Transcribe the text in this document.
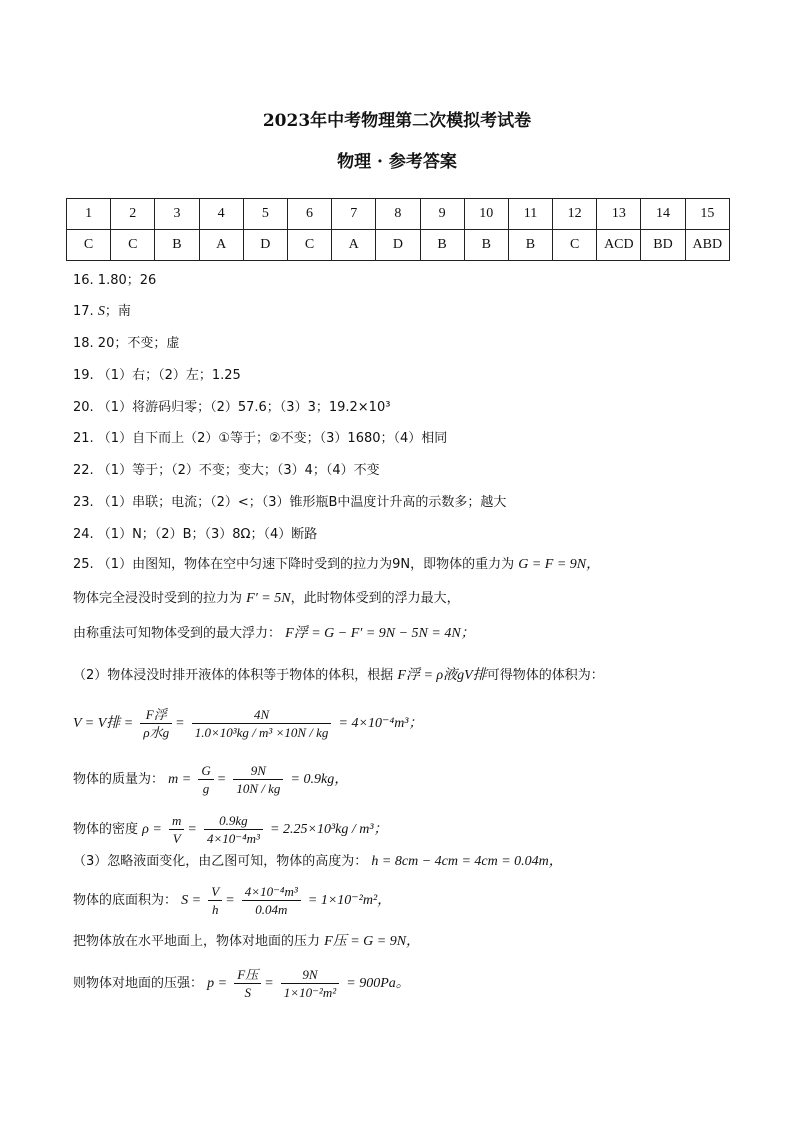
2023年中考物理第二次模拟考试卷
物理 · 参考答案
1	2	3	4	5	6	7	8	9	10	11	12	13	14	15
C	C	B	A	D	C	A	D	B	B	B	C	ACD	BD	ABD
16. 1.80；26
17. S；南
18. 20；不变；虚
19. （1）右；（2）左；1.25
20. （1）将游码归零；（2）57.6；（3）3；19.2×10³
21. （1）自下而上（2）①等于；②不变；（3）1680；（4）相同
22. （1）等于；（2）不变；变大；（3）4；（4）不变
23. （1）串联；电流；（2）<；（3）锥形瓶B中温度计升高的示数多；越大
24. （1）N；（2）B；（3）8Ω；（4）断路
25. （1）由图知，物体在空中匀速下降时受到的拉力为9N，即物体的重力为 G = F = 9N，
物体完全浸没时受到的拉力为 F′ = 5N，此时物体受到的浮力最大，
由称重法可知物体受到的最大浮力： F浮 = G − F′ = 9N − 5N = 4N；
（2）物体浸没时排开液体的体积等于物体的体积，根据 F浮 = ρ液gV排可得物体的体积为：
V = V排 = $\frac{\text{F浮}}{\text{ρ水g}} = \frac{4N}{\text{1.0×10³kg / m³ ×10N / kg}} = 4\times 10^{-4}m^3$；
物体的质量为： $m = \frac{G}{g} = \frac{9N}{10N / kg} = 0.9kg$，
物体的密度 $\rho = \frac{m}{V} = \frac{0.9kg}{\text{4×10⁻⁴m³}} = 2.25\times 10^3kg / m^3$；
（3）忽略液面变化，由乙图可知，物体的高度为： h = 8cm − 4cm = 4cm = 0.04m，
物体的底面积为： $S = \frac{V}{h} = \frac{\text{4×10⁻⁴m³}}{0.04m} = 1\times 10^{-2}m^2$，
把物体放在水平地面上，物体对地面的压力 F压 = G = 9N，
则物体对地面的压强： $p = \frac{\text{F压}}{S} = \frac{9N}{\text{1×10⁻²m²}} = 900Pa$。
